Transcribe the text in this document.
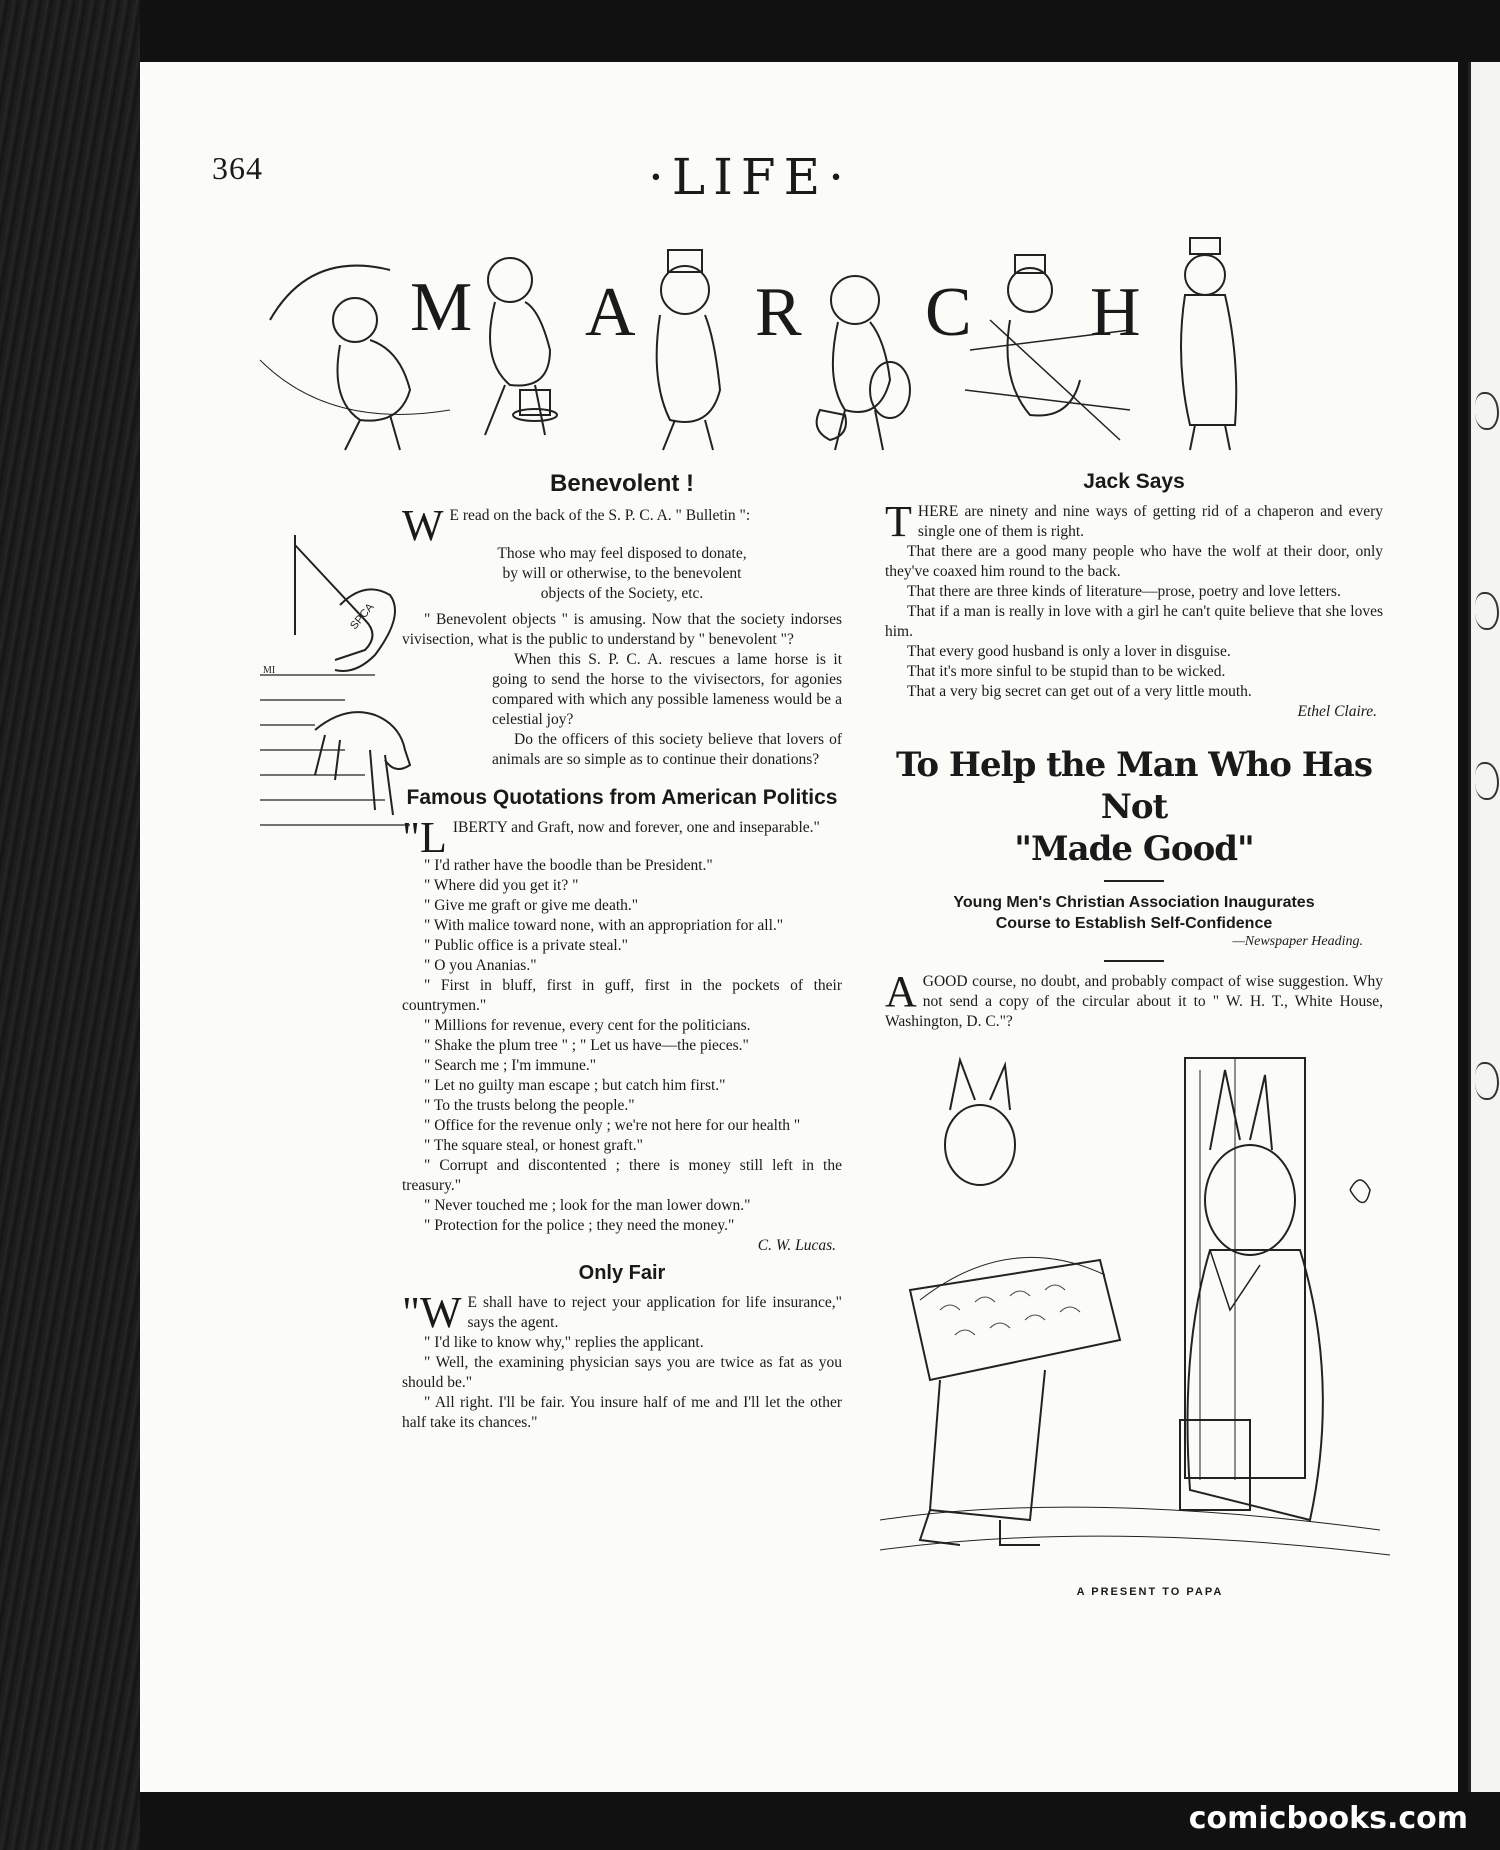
364	·LIFE·
M A R C H
Benevolent !
W E read on the back of the S. P. C. A. " Bulletin ":

Those who may feel disposed to donate,
by will or otherwise, to the benevolent
objects of the Society, etc.

" Benevolent objects " is amusing. Now that the society indorses vivisection, what is the public to understand by " benevolent "?

When this S. P. C. A. rescues a lame horse is it going to send the horse to the vivisectors, for agonies compared with which any possible lameness would be a celestial joy?

Do the officers of this society believe that lovers of animals are so simple as to continue their donations?

Famous Quotations from American Politics
"L IBERTY and Graft, now and forever, one and inseparable."

" I'd rather have the boodle than be President."

" Where did you get it? "

" Give me graft or give me death."

" With malice toward none, with an appropriation for all."

" Public office is a private steal."

" O you Ananias."

" First in bluff, first in guff, first in the pockets of their countrymen."

" Millions for revenue, every cent for the politicians.

" Shake the plum tree " ; " Let us have—the pieces."

" Search me ; I'm immune."

" Let no guilty man escape ; but catch him first."

" To the trusts belong the people."

" Office for the revenue only ; we're not here for our health "

" The square steal, or honest graft."

" Corrupt and discontented ; there is money still left in the treasury."

" Never touched me ; look for the man lower down."

" Protection for the police ; they need the money."

C. W. Lucas.
Only Fair
"W E shall have to reject your application for life insurance," says the agent.

" I'd like to know why," replies the applicant.

" Well, the examining physician says you are twice as fat as you should be."

" All right. I'll be fair. You insure half of me and I'll let the other half take its chances."

SPCA
MI
Jack Says
T HERE are ninety and nine ways of getting rid of a chaperon and every single one of them is right.

That there are a good many people who have the wolf at their door, only they've coaxed him round to the back.

That there are three kinds of literature—prose, poetry and love letters.

That if a man is really in love with a girl he can't quite believe that she loves him.

That every good husband is only a lover in disguise.

That it's more sinful to be stupid than to be wicked.

That a very big secret can get out of a very little mouth.

Ethel Claire.
To Help the Man Who Has Not
"Made Good"
Young Men's Christian Association Inaugurates
Course to Establish Self-Confidence
—Newspaper Heading.
A GOOD course, no doubt, and probably compact of wise suggestion. Why not send a copy of the circular about it to " W. H. T., White House, Washington, D. C."?

A PRESENT TO PAPA
comicbooks.com
